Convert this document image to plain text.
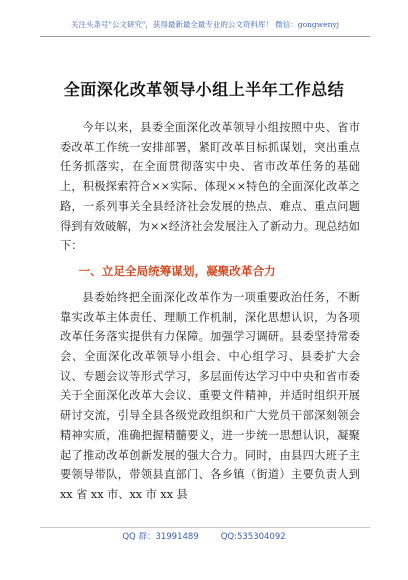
关注头条号"公文研究"，获得最新最全最专业的公文资料库！ 微信：gongwenyj
全面深化改革领导小组上半年工作总结

今年以来，县委全面深化改革领导小组按照中央、省市委改革工作统一安排部署，紧盯改革目标抓谋划，突出重点任务抓落实，在全面贯彻落实中央、省市改革任务的基础上，积极探索符合××实际、体现××特色的全面深化改革之路，一系列事关全县经济社会发展的热点、难点、重点问题得到有效破解，为××经济社会发展注入了新动力。现总结如下：

一、立足全局统筹谋划，凝聚改革合力

县委始终把全面深化改革作为一项重要政治任务，不断靠实改革主体责任、理顺工作机制，深化思想认识，为各项改革任务落实提供有力保障。加强学习调研。县委坚持常委会、全面深化改革领导小组会、中心组学习、县委扩大会议、专题会议等形式学习，多层面传达学习中中央和省市委关于全面深化改革大会议、重要文件精神，并适时组织开展研讨交流，引导全县各级党政组织和广大党员干部深刻领会精神实质，准确把握精髓要义，进一步统一思想认识，凝聚起了推动改革创新发展的强大合力。同时，由县四大班子主要领导带队，带领县直部门、各乡镇（街道）主要负责人到 xx 省 xx 市、xx 市 xx 县

QQ 群：31991489	QQ:535304092
